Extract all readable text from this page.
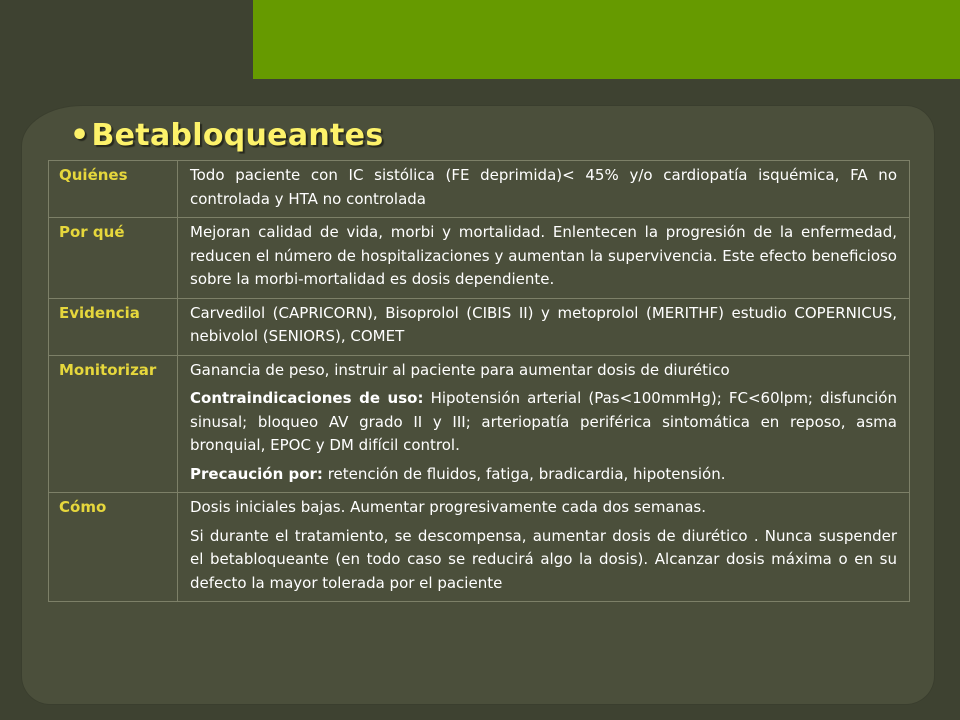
•Betabloqueantes
Quiénes	Todo paciente con IC sistólica (FE deprimida)< 45% y/o cardiopatía isquémica, FA no controlada y HTA no controlada
Por qué	Mejoran calidad de vida, morbi y mortalidad. Enlentecen la progresión de la enfermedad, reducen el número de hospitalizaciones y aumentan la supervivencia. Este efecto beneficioso sobre la morbi-mortalidad es dosis dependiente.
Evidencia	Carvedilol (CAPRICORN), Bisoprolol (CIBIS II) y metoprolol (MERITHF) estudio COPERNICUS, nebivolol (SENIORS), COMET
Monitorizar	Ganancia de peso, instruir al paciente para aumentar dosis de diurético

Contraindicaciones de uso: Hipotensión arterial (Pas<100mmHg); FC<60lpm; disfunción sinusal; bloqueo AV grado II y III; arteriopatía periférica sintomática en reposo, asma bronquial, EPOC y DM difícil control.

Precaución por: retención de fluidos, fatiga, bradicardia, hipotensión.

Cómo	Dosis iniciales bajas. Aumentar progresivamente cada dos semanas.

Si durante el tratamiento, se descompensa, aumentar dosis de diurético . Nunca suspender el betabloqueante (en todo caso se reducirá algo la dosis). Alcanzar dosis máxima o en su defecto la mayor tolerada por el paciente
